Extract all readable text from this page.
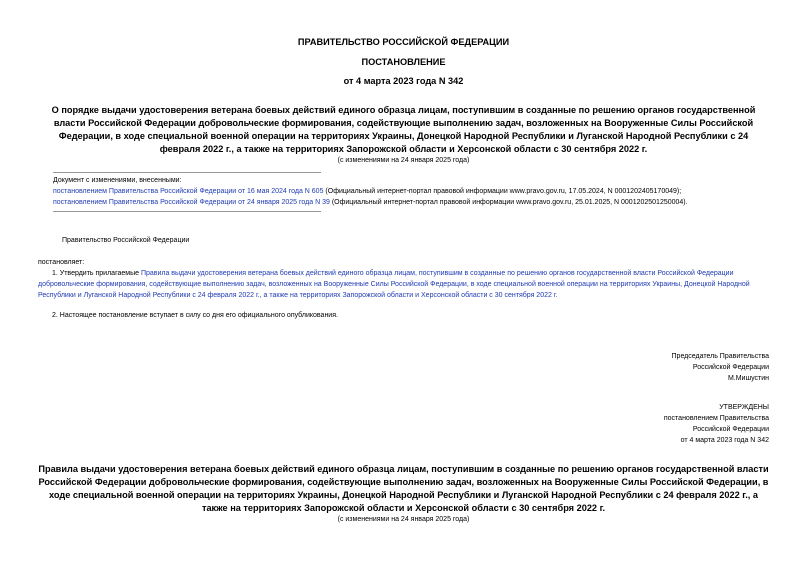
ПРАВИТЕЛЬСТВО РОССИЙСКОЙ ФЕДЕРАЦИИ
ПОСТАНОВЛЕНИЕ
от 4 марта 2023 года N 342
О порядке выдачи удостоверения ветерана боевых действий единого образца лицам, поступившим в созданные по решению органов государственной власти Российской Федерации добровольческие формирования, содействующие выполнению задач, возложенных на Вооруженные Силы Российской Федерации, в ходе специальной военной операции на территориях Украины, Донецкой Народной Республики и Луганской Народной Республики с 24 февраля 2022 г., а также на территориях Запорожской области и Херсонской области с 30 сентября 2022 г.
(с изменениями на 24 января 2025 года)
Документ с изменениями, внесенными:
постановлением Правительства Российской Федерации от 16 мая 2024 года N 605 (Официальный интернет-портал правовой информации www.pravo.gov.ru, 17.05.2024, N 0001202405170049);
постановлением Правительства Российской Федерации от 24 января 2025 года N 39 (Официальный интернет-портал правовой информации www.pravo.gov.ru, 25.01.2025, N 0001202501250004).
Правительство Российской Федерации
постановляет:
1. Утвердить прилагаемые Правила выдачи удостоверения ветерана боевых действий единого образца лицам, поступившим в созданные по решению органов государственной власти Российской Федерации
добровольческие формирования, содействующие выполнению задач, возложенных на Вооруженные Силы Российской Федерации, в ходе специальной военной операции на территориях Украины, Донецкой Народной
Республики и Луганской Народной Республики с 24 февраля 2022 г., а также на территориях Запорожской области и Херсонской области с 30 сентября 2022 г.
2. Настоящее постановление вступает в силу со дня его официального опубликования.
Председатель Правительства
Российской Федерации
М.Мишустин
УТВЕРЖДЕНЫ
постановлением Правительства
Российской Федерации
от 4 марта 2023 года N 342
Правила выдачи удостоверения ветерана боевых действий единого образца лицам, поступившим в созданные по решению органов государственной власти Российской Федерации добровольческие формирования, содействующие выполнению задач, возложенных на Вооруженные Силы Российской Федерации, в ходе специальной военной операции на территориях Украины, Донецкой Народной Республики и Луганской Народной Республики с 24 февраля 2022 г., а также на территориях Запорожской области и Херсонской области с 30 сентября 2022 г.
(с изменениями на 24 января 2025 года)
